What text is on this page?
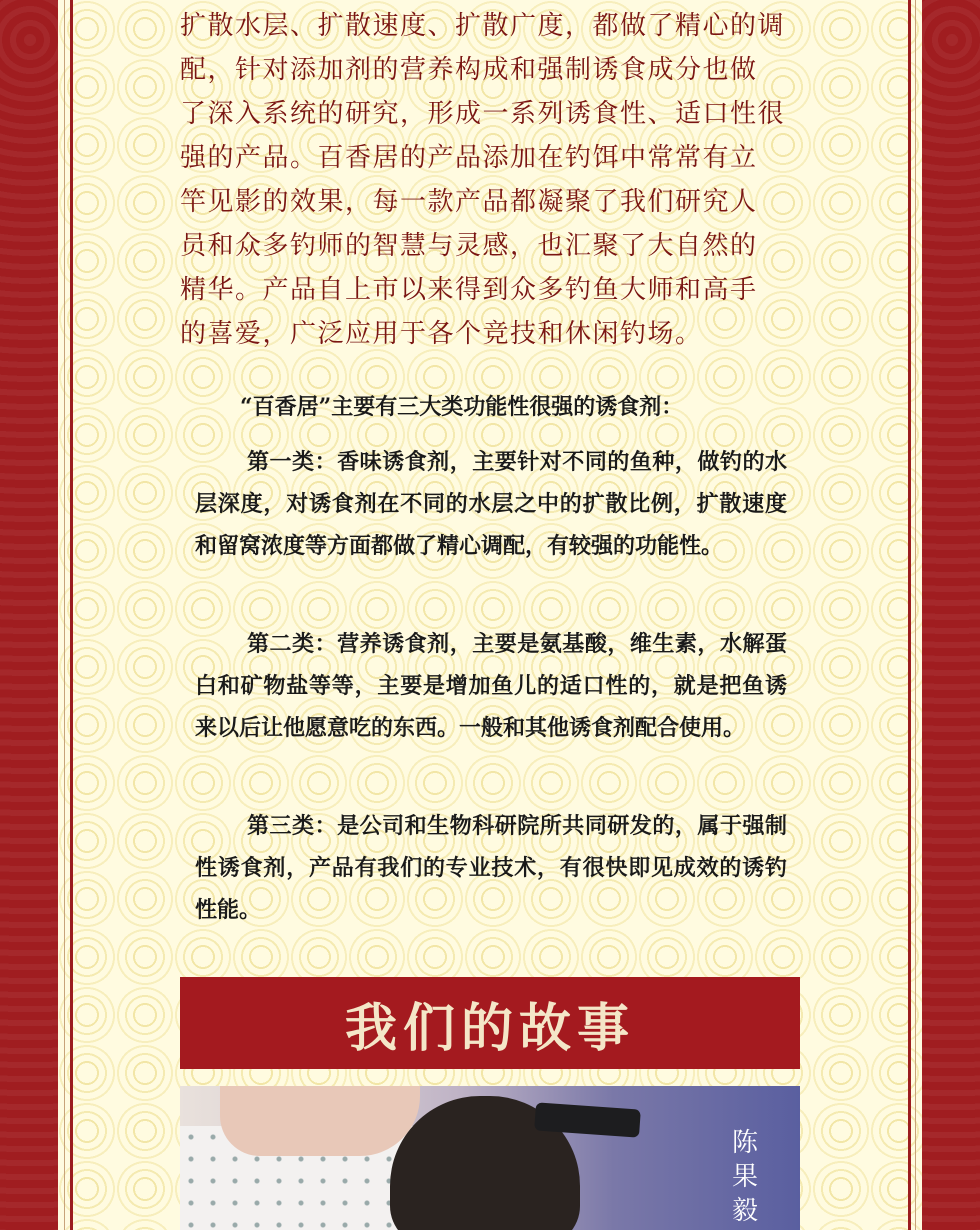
扩散水层、扩散速度、扩散广度，都做了精心的调

配，针对添加剂的营养构成和强制诱食成分也做

了深入系统的研究，形成一系列诱食性、适口性很

强的产品。百香居的产品添加在钓饵中常常有立

竿见影的效果，每一款产品都凝聚了我们研究人

员和众多钓师的智慧与灵感，也汇聚了大自然的

精华。产品自上市以来得到众多钓鱼大师和高手

的喜爱，广泛应用于各个竞技和休闲钓场。

“百香居”主要有三大类功能性很强的诱食剂：

第一类：香味诱食剂，主要针对不同的鱼种，做钓的水层深度，对诱食剂在不同的水层之中的扩散比例，扩散速度和留窝浓度等方面都做了精心调配，有较强的功能性。

第二类：营养诱食剂，主要是氨基酸，维生素，水解蛋白和矿物盐等等，主要是增加鱼儿的适口性的，就是把鱼诱来以后让他愿意吃的东西。一般和其他诱食剂配合使用。

第三类：是公司和生物科研院所共同研发的，属于强制性诱食剂，产品有我们的专业技术，有很快即见成效的诱钓性能。

我们的故事
陈
果
毅
